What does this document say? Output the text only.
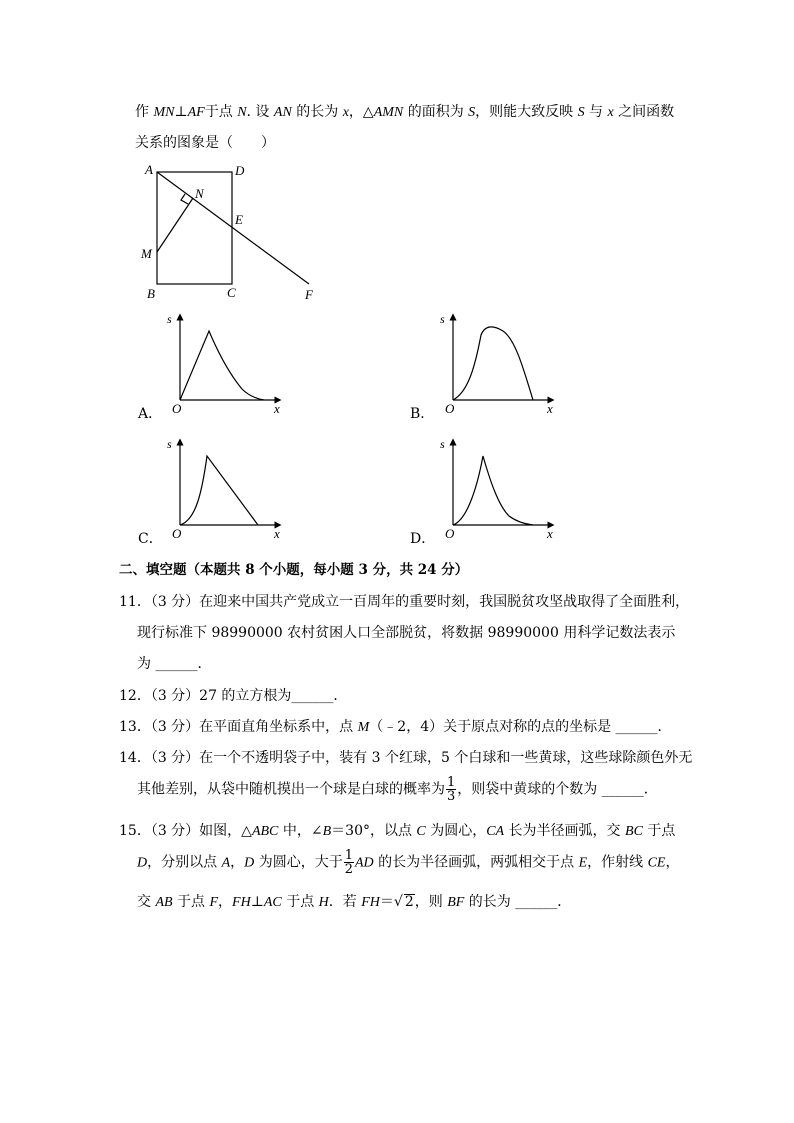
作 MN⊥AF于点 N. 设 AN 的长为 x，△AMN 的面积为 S，则能大致反映 S 与 x 之间函数
关系的图象是（　　）
A	D
N
E
M
B	C	F
A．
s
x
O	B．
s
x
O
C．
s
x
O	D．
s
x
O
二、填空题（本题共 8 个小题，每小题 3 分，共 24 分）
11．（3 分）在迎来中国共产党成立一百周年的重要时刻，我国脱贫攻坚战取得了全面胜利，
现行标准下 98990000 农村贫困人口全部脱贫，将数据 98990000 用科学记数法表示
为 ______．
12．（3 分）27 的立方根为______．
13．（3 分）在平面直角坐标系中，点 M（﹣2，4）关于原点对称的点的坐标是 ______．
14．（3 分）在一个不透明袋子中，装有 3 个红球，5 个白球和一些黄球，这些球除颜色外无
其他差别，从袋中随机摸出一个球是白球的概率为 $\frac{1}{3}$ ，则袋中黄球的个数为 ______．
15．（3 分）如图，△ABC 中，∠B＝30°，以点 C 为圆心，CA 长为半径画弧，交 BC 于点
D，分别以点 A，D 为圆心，大于 $\frac{1}{2}$ AD 的长为半径画弧，两弧相交于点 E，作射线 CE，
交 AB 于点 F，FH⊥AC 于点 H．若 FH＝√ 2，则 BF 的长为 ______．
